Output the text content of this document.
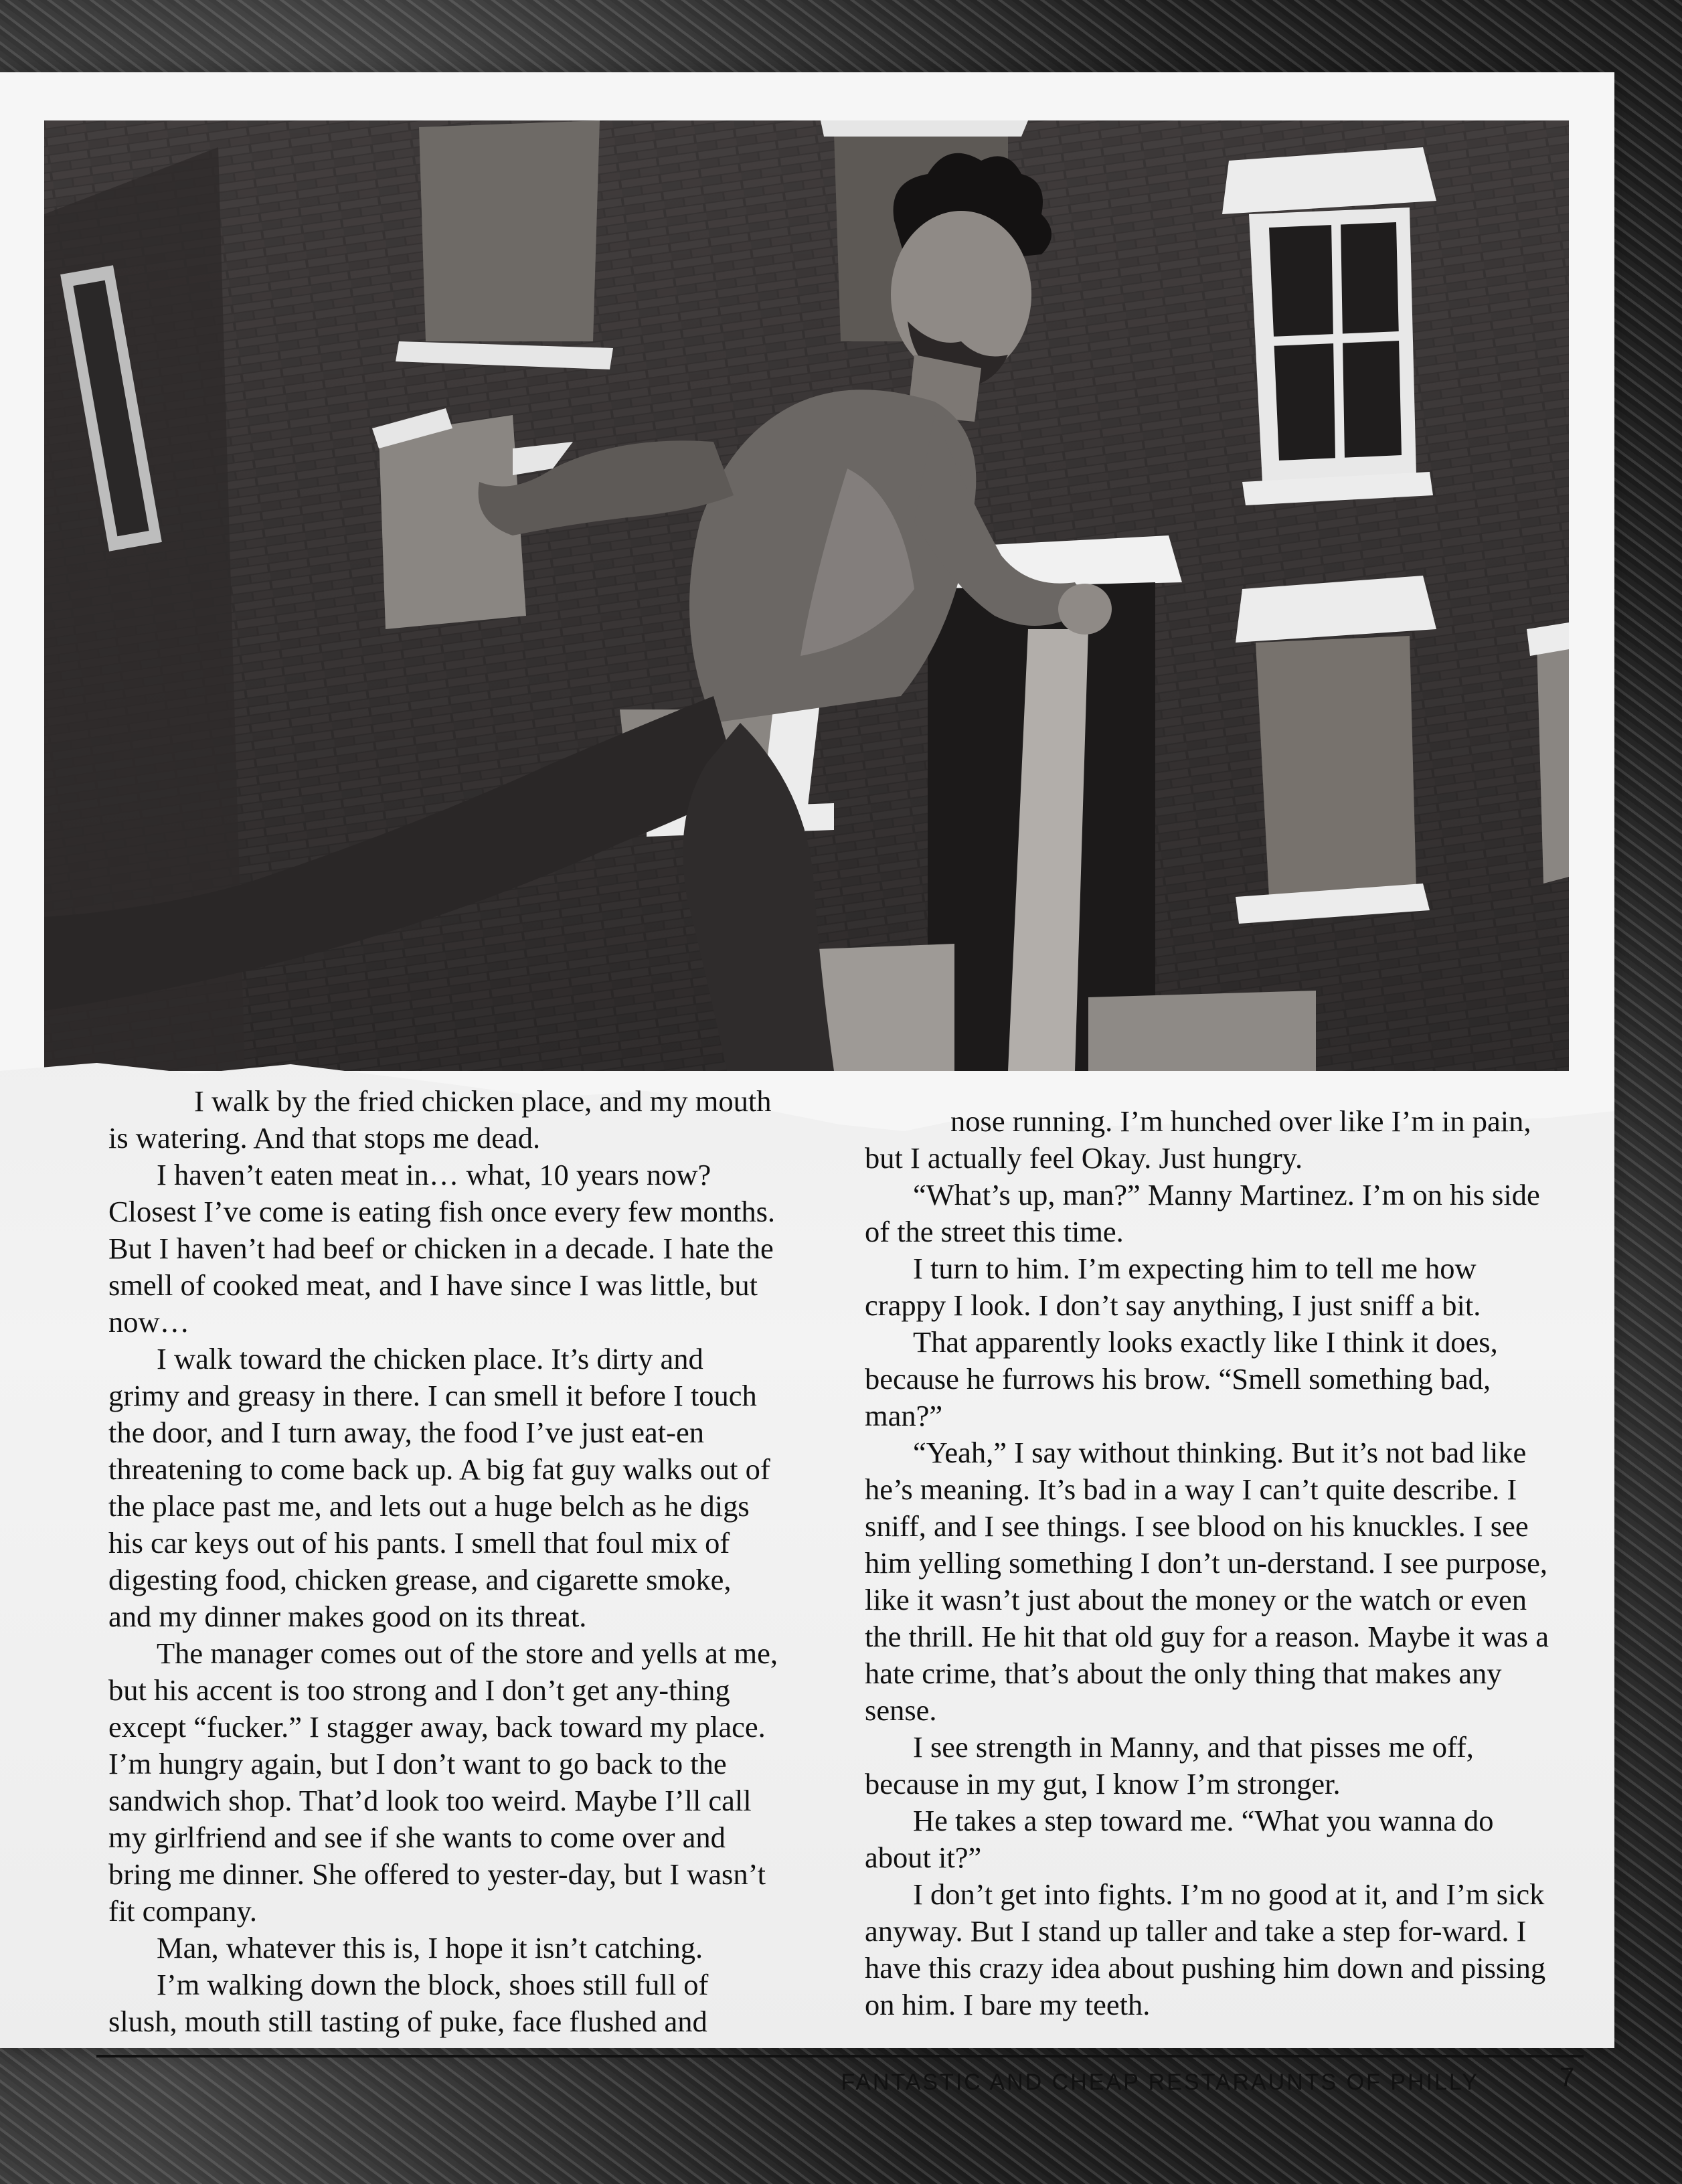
I walk by the fried chicken place, and my mouth is watering. And that stops me dead.

I haven’t eaten meat in… what, 10 years now? Closest I’ve come is eating fish once every few months. But I haven’t had beef or chicken in a decade. I hate the smell of cooked meat, and I have since I was little, but now…

I walk toward the chicken place. It’s dirty and grimy and greasy in there. I can smell it before I touch the door, and I turn away, the food I’ve just eat-en threatening to come back up. A big fat guy walks out of the place past me, and lets out a huge belch as he digs his car keys out of his pants. I smell that foul mix of digesting food, chicken grease, and cigarette smoke, and my dinner makes good on its threat.

The manager comes out of the store and yells at me, but his accent is too strong and I don’t get any-thing except “fucker.” I stagger away, back toward my place. I’m hungry again, but I don’t want to go back to the sandwich shop. That’d look too weird. Maybe I’ll call my girlfriend and see if she wants to come over and bring me dinner. She offered to yester-day, but I wasn’t fit company.

Man, whatever this is, I hope it isn’t catching.

I’m walking down the block, shoes still full of slush, mouth still tasting of puke, face flushed and

nose running. I’m hunched over like I’m in pain, but I actually feel Okay. Just hungry.

“What’s up, man?” Manny Martinez. I’m on his side of the street this time.

I turn to him. I’m expecting him to tell me how crappy I look. I don’t say anything, I just sniff a bit.

That apparently looks exactly like I think it does, because he furrows his brow. “Smell something bad, man?”

“Yeah,” I say without thinking. But it’s not bad like he’s meaning. It’s bad in a way I can’t quite describe. I sniff, and I see things. I see blood on his knuckles. I see him yelling something I don’t un-derstand. I see purpose, like it wasn’t just about the money or the watch or even the thrill. He hit that old guy for a reason. Maybe it was a hate crime, that’s about the only thing that makes any sense.

I see strength in Manny, and that pisses me off, because in my gut, I know I’m stronger.

He takes a step toward me. “What you wanna do about it?”

I don’t get into fights. I’m no good at it, and I’m sick anyway. But I stand up taller and take a step for-ward. I have this crazy idea about pushing him down and pissing on him. I bare my teeth.

FANTASTIC AND CHEAP RESTARAUNTS OF PHILLY	7
